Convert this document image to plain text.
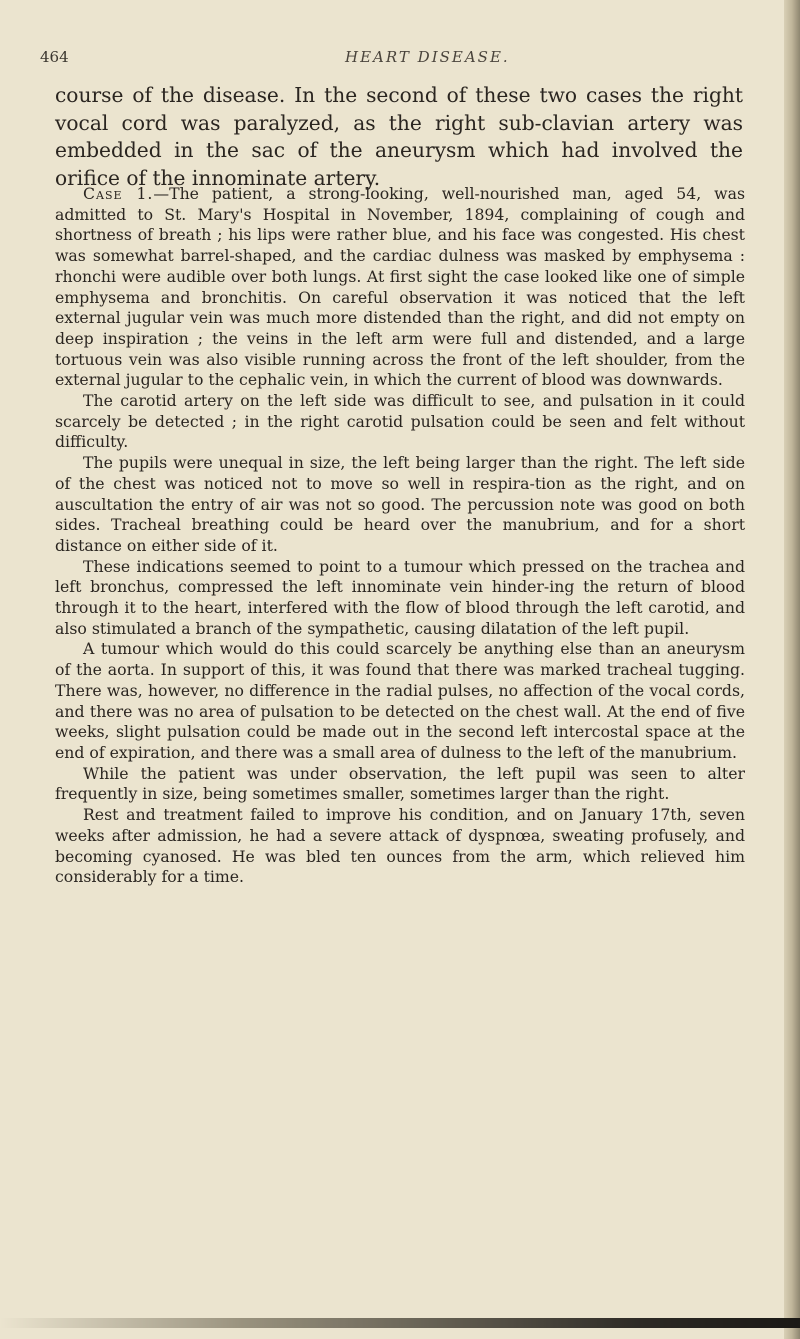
464	HEART DISEASE.

course of the disease. In the second of these two cases the right vocal cord was paralyzed, as the right sub-clavian artery was embedded in the sac of the aneurysm which had involved the orifice of the innominate artery.

Case 1.—The patient, a strong-looking, well-nourished man, aged 54, was admitted to St. Mary's Hospital in November, 1894, complaining of cough and shortness of breath ; his lips were rather blue, and his face was congested. His chest was somewhat barrel-shaped, and the cardiac dulness was masked by emphysema : rhonchi were audible over both lungs. At first sight the case looked like one of simple emphysema and bronchitis. On careful observation it was noticed that the left external jugular vein was much more distended than the right, and did not empty on deep inspiration ; the veins in the left arm were full and distended, and a large tortuous vein was also visible running across the front of the left shoulder, from the external jugular to the cephalic vein, in which the current of blood was downwards.

The carotid artery on the left side was difficult to see, and pulsation in it could scarcely be detected ; in the right carotid pulsation could be seen and felt without difficulty.

The pupils were unequal in size, the left being larger than the right. The left side of the chest was noticed not to move so well in respira-tion as the right, and on auscultation the entry of air was not so good. The percussion note was good on both sides. Tracheal breathing could be heard over the manubrium, and for a short distance on either side of it.

These indications seemed to point to a tumour which pressed on the trachea and left bronchus, compressed the left innominate vein hinder-ing the return of blood through it to the heart, interfered with the flow of blood through the left carotid, and also stimulated a branch of the sympathetic, causing dilatation of the left pupil.

A tumour which would do this could scarcely be anything else than an aneurysm of the aorta. In support of this, it was found that there was marked tracheal tugging. There was, however, no difference in the radial pulses, no affection of the vocal cords, and there was no area of pulsation to be detected on the chest wall. At the end of five weeks, slight pulsation could be made out in the second left intercostal space at the end of expiration, and there was a small area of dulness to the left of the manubrium.

While the patient was under observation, the left pupil was seen to alter frequently in size, being sometimes smaller, sometimes larger than the right.

Rest and treatment failed to improve his condition, and on January 17th, seven weeks after admission, he had a severe attack of dyspnœa, sweating profusely, and becoming cyanosed. He was bled ten ounces from the arm, which relieved him considerably for a time.
